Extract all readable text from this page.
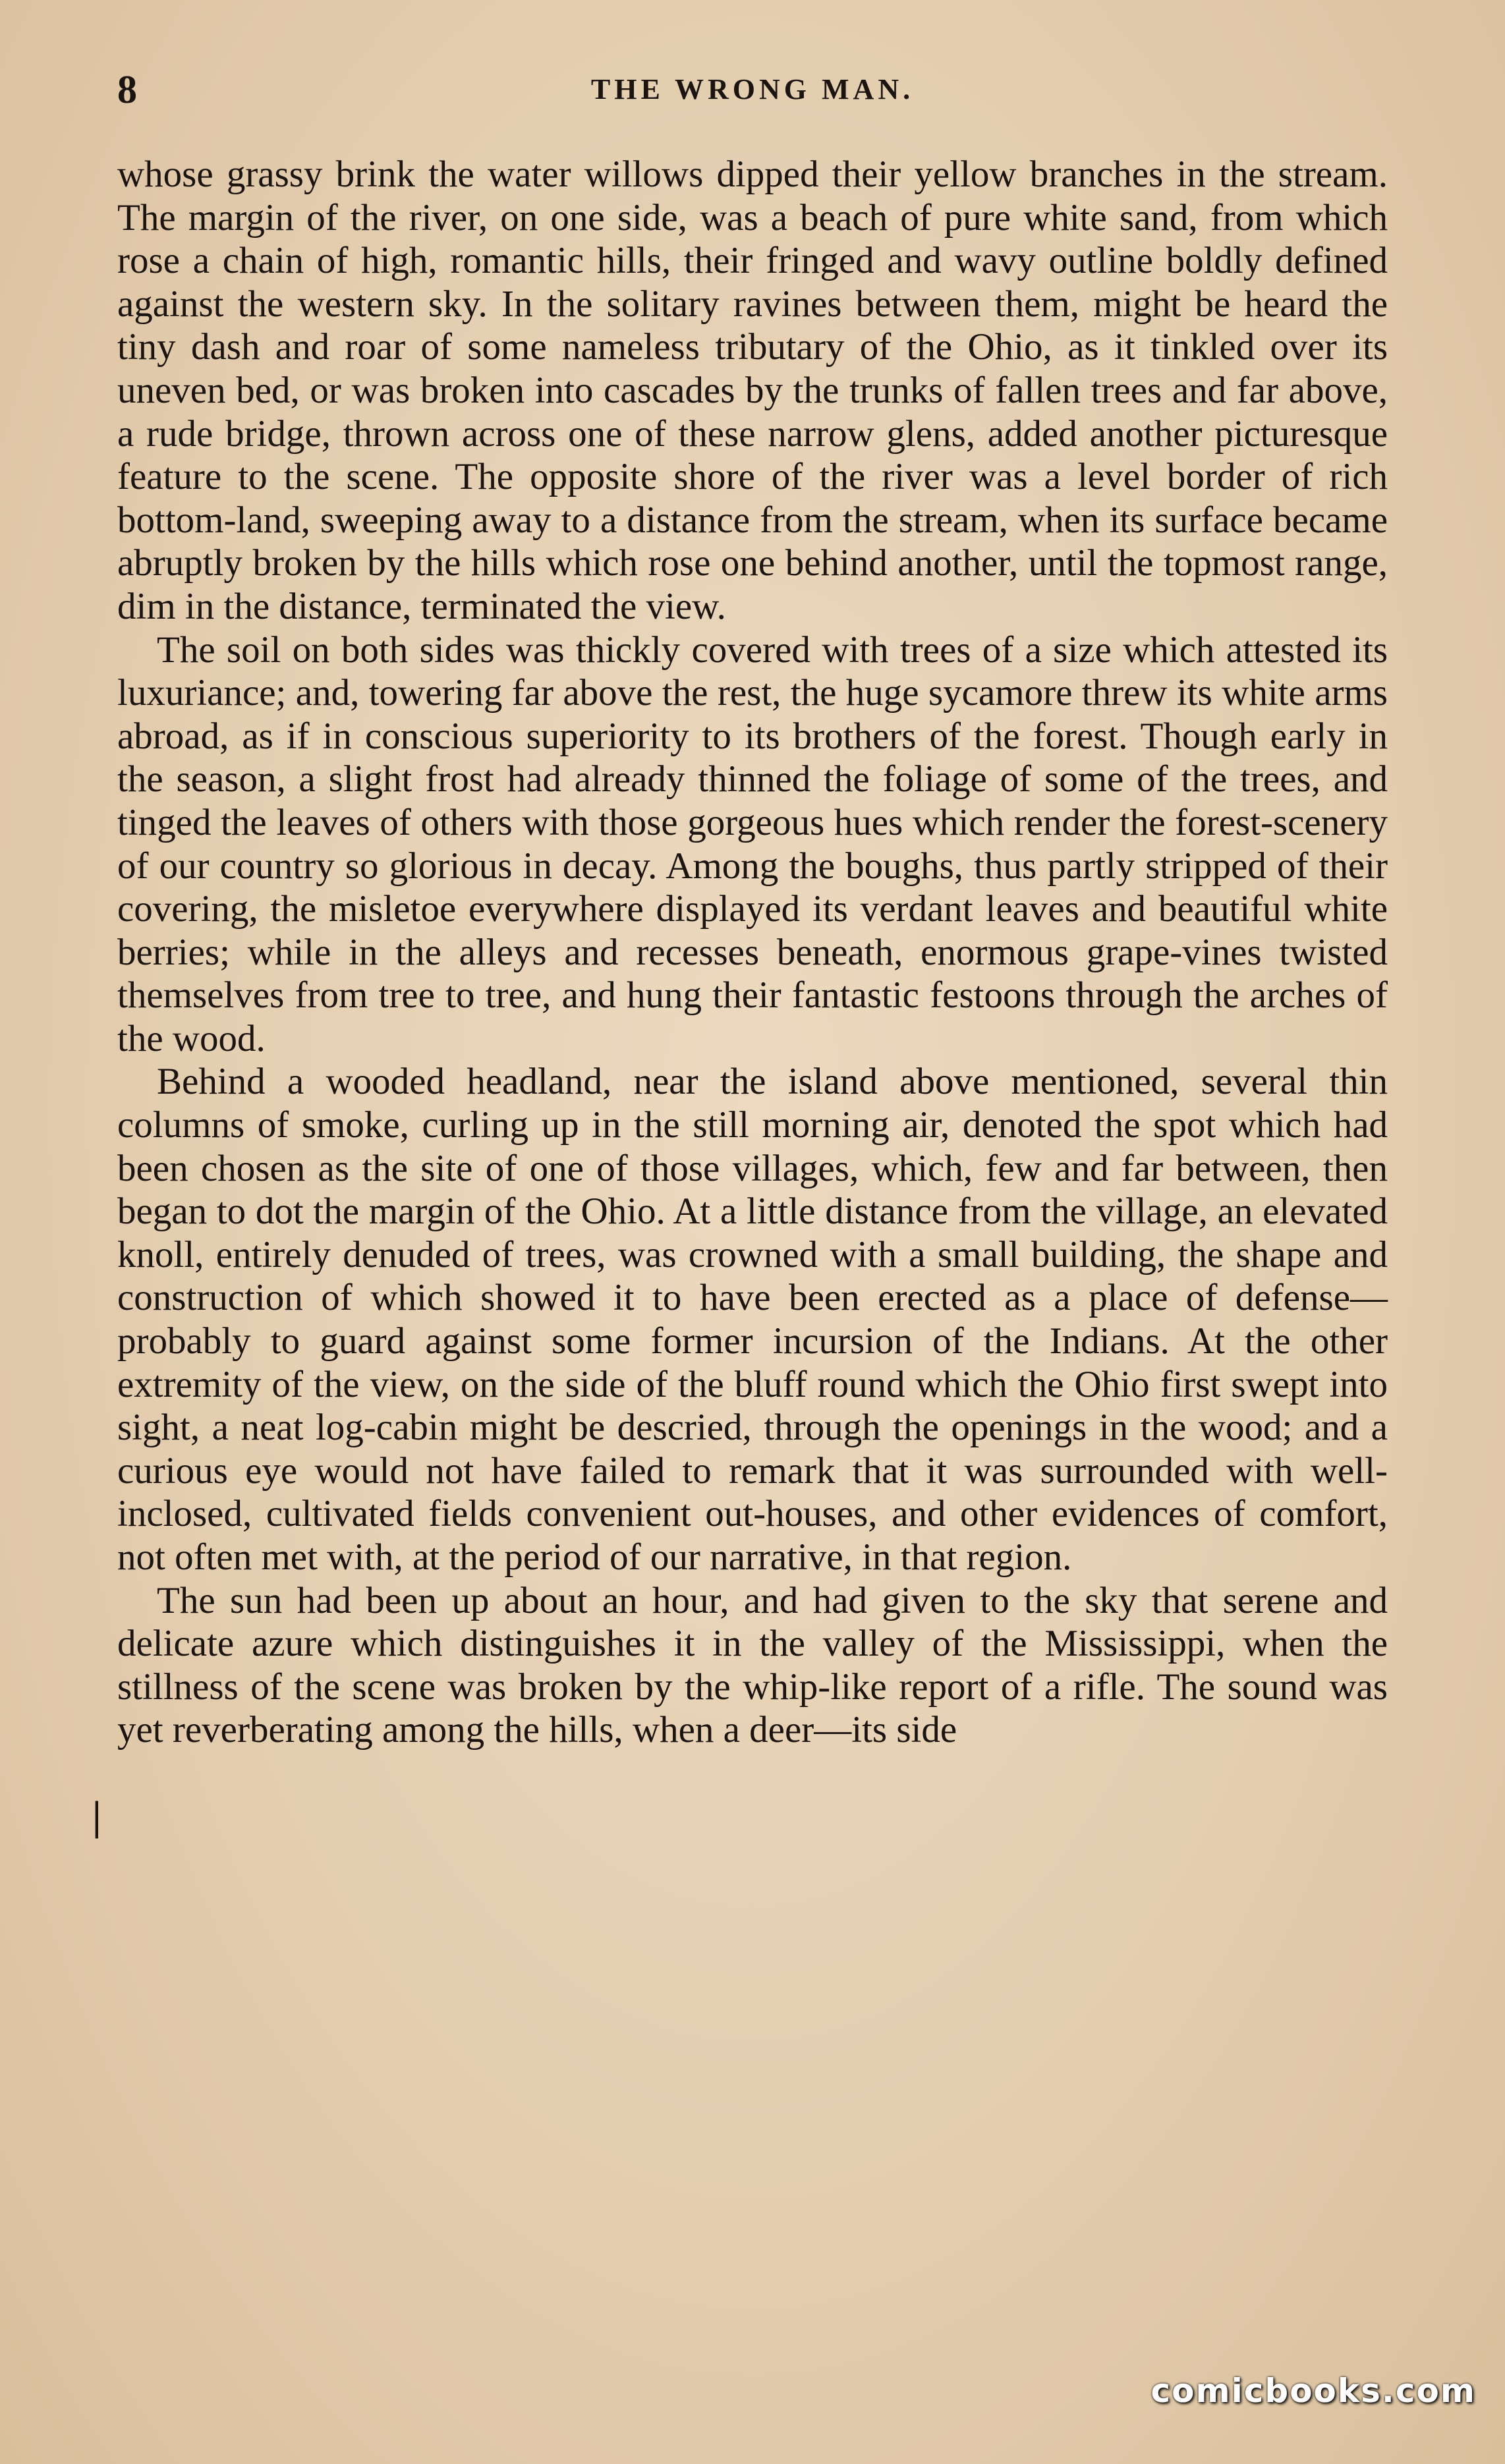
8	THE WRONG MAN.

whose grassy brink the water willows dipped their yellow branches in the stream. The margin of the river, on one side, was a beach of pure white sand, from which rose a chain of high, romantic hills, their fringed and wavy outline boldly defined against the western sky. In the solitary ravines between them, might be heard the tiny dash and roar of some nameless tributary of the Ohio, as it tinkled over its uneven bed, or was broken into cascades by the trunks of fallen trees and far above, a rude bridge, thrown across one of these narrow glens, added another picturesque feature to the scene. The opposite shore of the river was a level border of rich bottom-land, sweeping away to a distance from the stream, when its surface became abruptly broken by the hills which rose one behind another, until the topmost range, dim in the distance, terminated the view.

The soil on both sides was thickly covered with trees of a size which attested its luxuriance; and, towering far above the rest, the huge sycamore threw its white arms abroad, as if in conscious superiority to its brothers of the forest. Though early in the season, a slight frost had already thinned the foliage of some of the trees, and tinged the leaves of others with those gorgeous hues which render the forest-scenery of our country so glorious in decay. Among the boughs, thus partly stripped of their covering, the misletoe everywhere displayed its verdant leaves and beautiful white berries; while in the alleys and recesses beneath, enormous grape-vines twisted themselves from tree to tree, and hung their fantastic festoons through the arches of the wood.

Behind a wooded headland, near the island above mentioned, several thin columns of smoke, curling up in the still morning air, denoted the spot which had been chosen as the site of one of those villages, which, few and far between, then began to dot the margin of the Ohio. At a little distance from the village, an elevated knoll, entirely denuded of trees, was crowned with a small building, the shape and construction of which showed it to have been erected as a place of defense—probably to guard against some former incursion of the Indians. At the other extremity of the view, on the side of the bluff round which the Ohio first swept into sight, a neat log-cabin might be descried, through the openings in the wood; and a curious eye would not have failed to remark that it was surrounded with well-inclosed, cultivated fields convenient out-houses, and other evidences of comfort, not often met with, at the period of our narrative, in that region.

The sun had been up about an hour, and had given to the sky that serene and delicate azure which distinguishes it in the valley of the Mississippi, when the stillness of the scene was broken by the whip-like report of a rifle. The sound was yet reverberating among the hills, when a deer—its side

|
comicbooks.com
